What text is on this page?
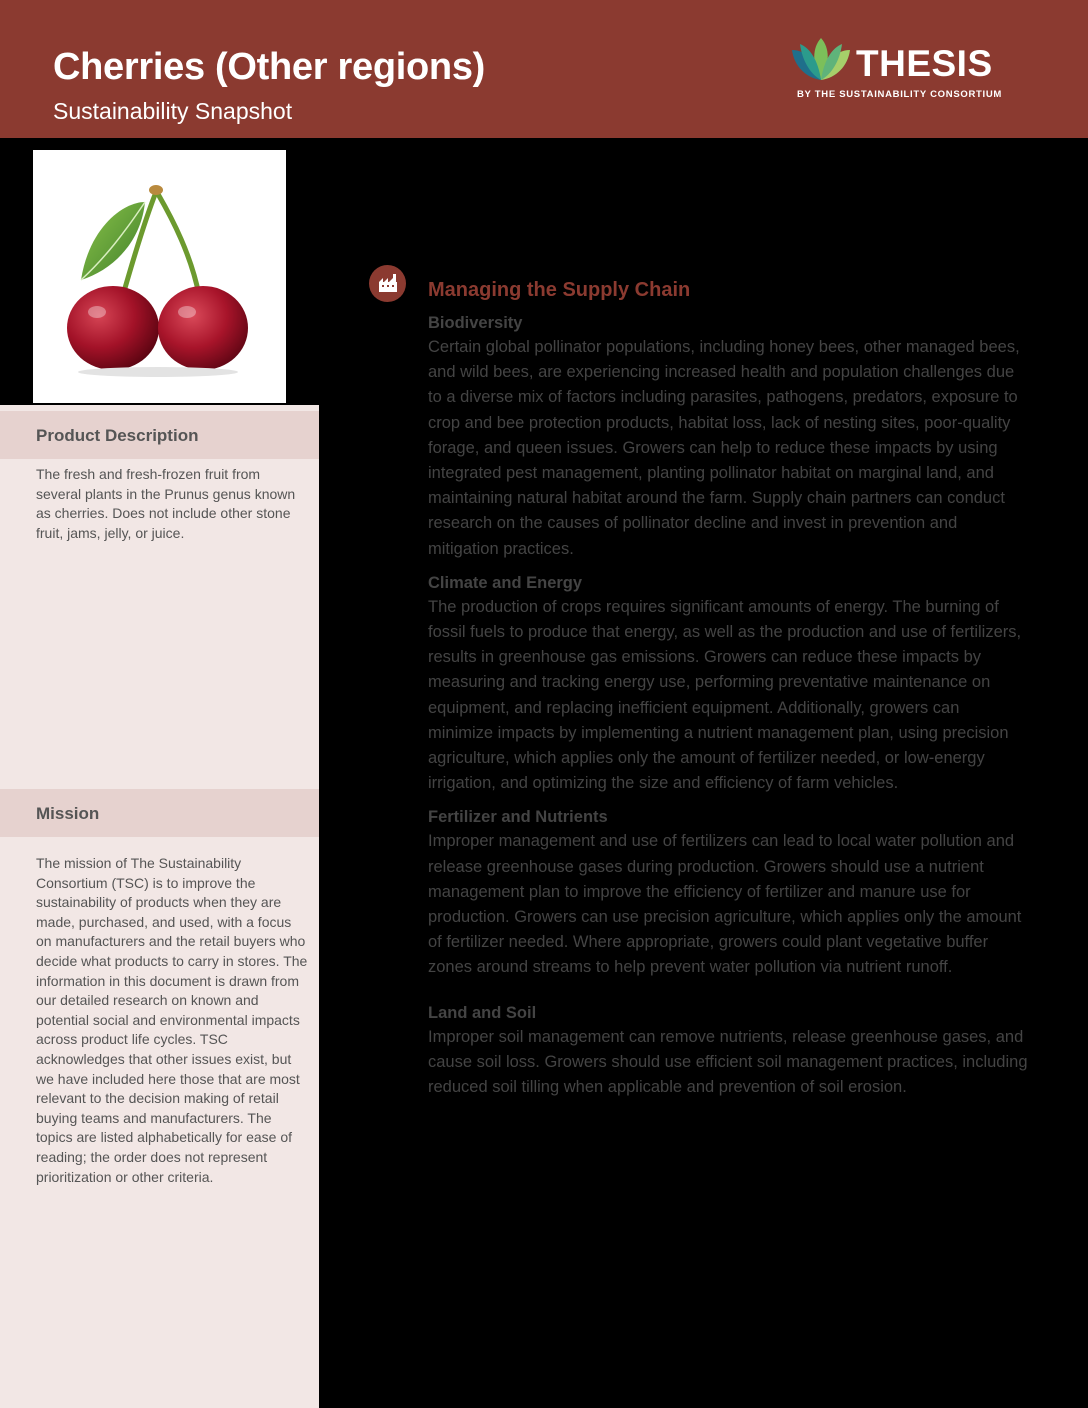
Cherries (Other regions)
Sustainability Snapshot
THESIS
BY THE SUSTAINABILITY CONSORTIUM
Product Description
The fresh and fresh-frozen fruit from several plants in the Prunus genus known as cherries. Does not include other stone fruit, jams, jelly, or juice.
Mission
The mission of The Sustainability Consortium (TSC) is to improve the sustainability of products when they are made, purchased, and used, with a focus on manufacturers and the retail buyers who decide what products to carry in stores. The information in this document is drawn from our detailed research on known and potential social and environmental impacts across product life cycles. TSC acknowledges that other issues exist, but we have included here those that are most relevant to the decision making of retail buying teams and manufacturers. The topics are listed alphabetically for ease of reading; the order does not represent prioritization or other criteria.
Managing the Supply Chain
Biodiversity
Certain global pollinator populations, including honey bees, other managed bees, and wild bees, are experiencing increased health and population challenges due to a diverse mix of factors including parasites, pathogens, predators, exposure to crop and bee protection products, habitat loss, lack of nesting sites, poor-quality forage, and queen issues. Growers can help to reduce these impacts by using integrated pest management, planting pollinator habitat on marginal land, and maintaining natural habitat around the farm. Supply chain partners can conduct research on the causes of pollinator decline and invest in prevention and mitigation practices.
Climate and Energy
The production of crops requires significant amounts of energy. The burning of fossil fuels to produce that energy, as well as the production and use of fertilizers, results in greenhouse gas emissions. Growers can reduce these impacts by measuring and tracking energy use, performing preventative maintenance on equipment, and replacing inefficient equipment. Additionally, growers can minimize impacts by implementing a nutrient management plan, using precision agriculture, which applies only the amount of fertilizer needed, or low-energy irrigation, and optimizing the size and efficiency of farm vehicles.
Fertilizer and Nutrients
Improper management and use of fertilizers can lead to local water pollution and release greenhouse gases during production. Growers should use a nutrient management plan to improve the efficiency of fertilizer and manure use for production. Growers can use precision agriculture, which applies only the amount of fertilizer needed. Where appropriate, growers could plant vegetative buffer zones around streams to help prevent water pollution via nutrient runoff.
Land and Soil
Improper soil management can remove nutrients, release greenhouse gases, and cause soil loss. Growers should use efficient soil management practices, including reduced soil tilling when applicable and prevention of soil erosion.
